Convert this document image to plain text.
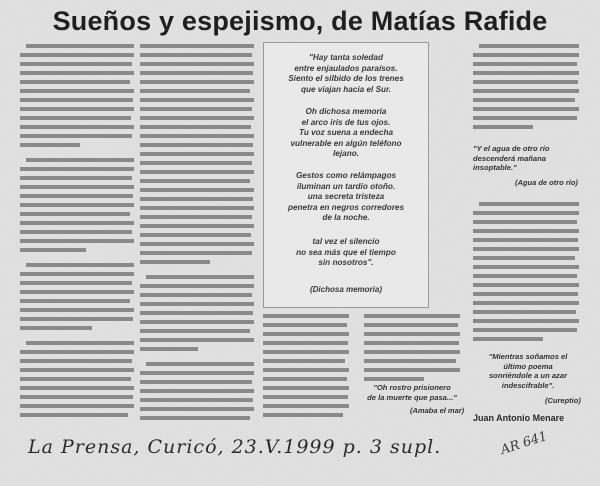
Sueños y espejismo, de Matías Rafide
"Hay tanta soledad
entre enjaulados paraísos.
Siento el silbido de los trenes
que viajan hacia el Sur.
Oh dichosa memoria
el arco iris de tus ojos.
Tu voz suena a endecha
vulnerable en algún teléfono
lejano.
Gestos como relámpagos
iluminan un tardío otoño.
una secreta tristeza
penetra en negros corredores
de la noche.
tal vez el silencio
no sea más que el tiempo
sin nosotros".
(Dichosa memoria)
"Oh rostro prisionero
de la muerte que pasa..."
(Amaba el mar)
"Y el agua de otro río
descenderá mañana
insoptable."
(Agua de otro río)
"Mientras soñamos el
último poema
sonriéndole a un azar
indescifrable".
(Cureptio)
Juan Antonio Menare
La Prensa, Curicó, 23.V.1999 p. 3 supl.	AR 641
